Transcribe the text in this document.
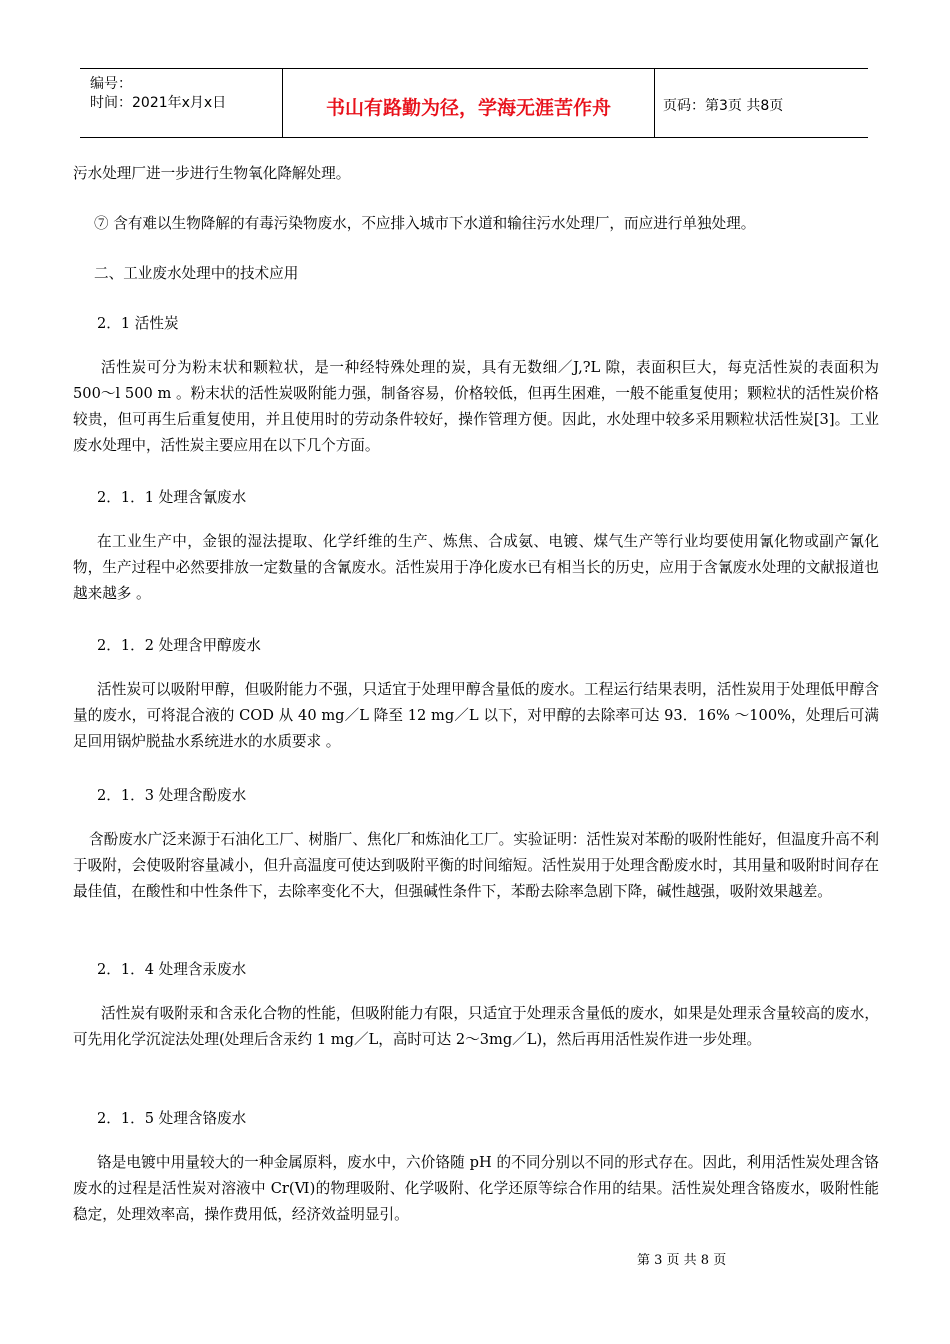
编号：
时间：2021年x月x日	书山有路勤为径，学海无涯苦作舟	页码：第3页 共8页
污水处理厂进一步进行生物氧化降解处理。
⑦ 含有难以生物降解的有毒污染物废水，不应排入城市下水道和输往污水处理厂，而应进行单独处理。
二、工业废水处理中的技术应用
2．1 活性炭

活性炭可分为粉末状和颗粒状，是一种经特殊处理的炭，具有无数细／J,?L 隙，表面积巨大，每克活性炭的表面积为 500～l 500 m 。粉末状的活性炭吸附能力强，制备容易，价格较低，但再生困难，一般不能重复使用；颗粒状的活性炭价格较贵，但可再生后重复使用，并且使用时的劳动条件较好，操作管理方便。因此，水处理中较多采用颗粒状活性炭[3]。工业废水处理中，活性炭主要应用在以下几个方面。

2．1．1 处理含氰废水

在工业生产中，金银的湿法提取、化学纤维的生产、炼焦、合成氨、电镀、煤气生产等行业均要使用氰化物或副产氰化物，生产过程中必然要排放一定数量的含氰废水。活性炭用于净化废水已有相当长的历史，应用于含氰废水处理的文献报道也越来越多 。

2．1．2 处理含甲醇废水

活性炭可以吸附甲醇，但吸附能力不强，只适宜于处理甲醇含量低的废水。工程运行结果表明，活性炭用于处理低甲醇含量的废水，可将混合液的 COD 从 40 mg／L 降至 12 mg／L 以下，对甲醇的去除率可达 93．16% ～100%，处理后可满足回用锅炉脱盐水系统进水的水质要求 。

2．1．3 处理含酚废水

含酚废水广泛来源于石油化工厂、树脂厂、焦化厂和炼油化工厂。实验证明：活性炭对苯酚的吸附性能好，但温度升高不利于吸附，会使吸附容量减小，但升高温度可使达到吸附平衡的时间缩短。活性炭用于处理含酚废水时，其用量和吸附时间存在最佳值，在酸性和中性条件下，去除率变化不大，但强碱性条件下，苯酚去除率急剧下降，碱性越强，吸附效果越差。

2．1．4 处理含汞废水

活性炭有吸附汞和含汞化合物的性能，但吸附能力有限，只适宜于处理汞含量低的废水，如果是处理汞含量较高的废水，可先用化学沉淀法处理(处理后含汞约 1 mg／L，高时可达 2～3mg／L)，然后再用活性炭作进一步处理。

2．1．5 处理含铬废水

铬是电镀中用量较大的一种金属原料，废水中，六价铬随 pH 的不同分别以不同的形式存在。因此，利用活性炭处理含铬废水的过程是活性炭对溶液中 Cr(Ⅵ)的物理吸附、化学吸附、化学还原等综合作用的结果。活性炭处理含铬废水，吸附性能稳定，处理效率高，操作费用低，经济效益明显引。

第 3 页 共 8 页
